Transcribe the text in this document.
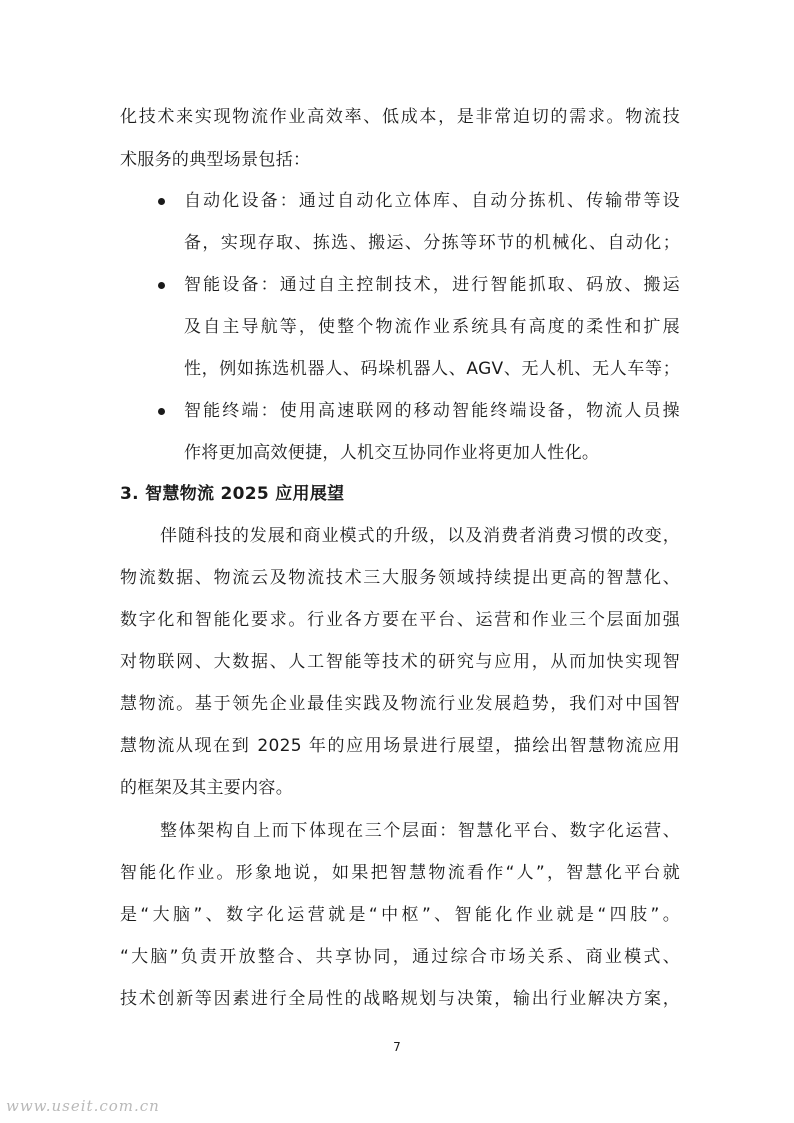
化技术来实现物流作业高效率、低成本，是非常迫切的需求。物流技
术服务的典型场景包括：
自动化设备：通过自动化立体库、自动分拣机、传输带等设
备，实现存取、拣选、搬运、分拣等环节的机械化、自动化；
智能设备：通过自主控制技术，进行智能抓取、码放、搬运
及自主导航等，使整个物流作业系统具有高度的柔性和扩展
性，例如拣选机器人、码垛机器人、AGV、无人机、无人车等；
智能终端：使用高速联网的移动智能终端设备，物流人员操
作将更加高效便捷，人机交互协同作业将更加人性化。
3. 智慧物流 2025 应用展望
伴随科技的发展和商业模式的升级，以及消费者消费习惯的改变，
物流数据、物流云及物流技术三大服务领域持续提出更高的智慧化、
数字化和智能化要求。行业各方要在平台、运营和作业三个层面加强
对物联网、大数据、人工智能等技术的研究与应用，从而加快实现智
慧物流。基于领先企业最佳实践及物流行业发展趋势，我们对中国智
慧物流从现在到 2025 年的应用场景进行展望，描绘出智慧物流应用
的框架及其主要内容。
整体架构自上而下体现在三个层面：智慧化平台、数字化运营、
智能化作业。形象地说，如果把智慧物流看作“人”，智慧化平台就
是“大脑”、数字化运营就是“中枢”、智能化作业就是“四肢”。
“大脑”负责开放整合、共享协同，通过综合市场关系、商业模式、
技术创新等因素进行全局性的战略规划与决策，输出行业解决方案，
7
www.useit.com.cn
